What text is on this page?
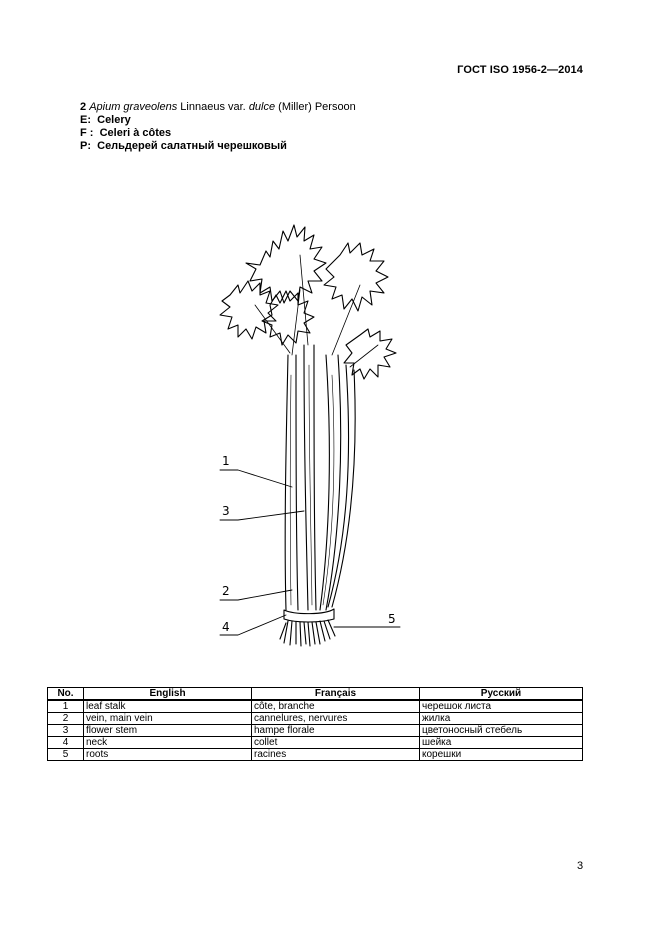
ГОСТ ISO 1956-2—2014
2 Apium graveolens Linnaeus var. dulce (Miller) Persoon
E: Celery
F : Celeri à côtes
P: Сельдерей салатный черешковый
1
3
2
4
5
No.	English	Français	Русский
1	leaf stalk	côte, branche	черешок листа
2	vein, main vein	cannelures, nervures	жилка
3	flower stem	hampe florale	цветоносный стебель
4	neck	collet	шейка
5	roots	racines	корешки
3
